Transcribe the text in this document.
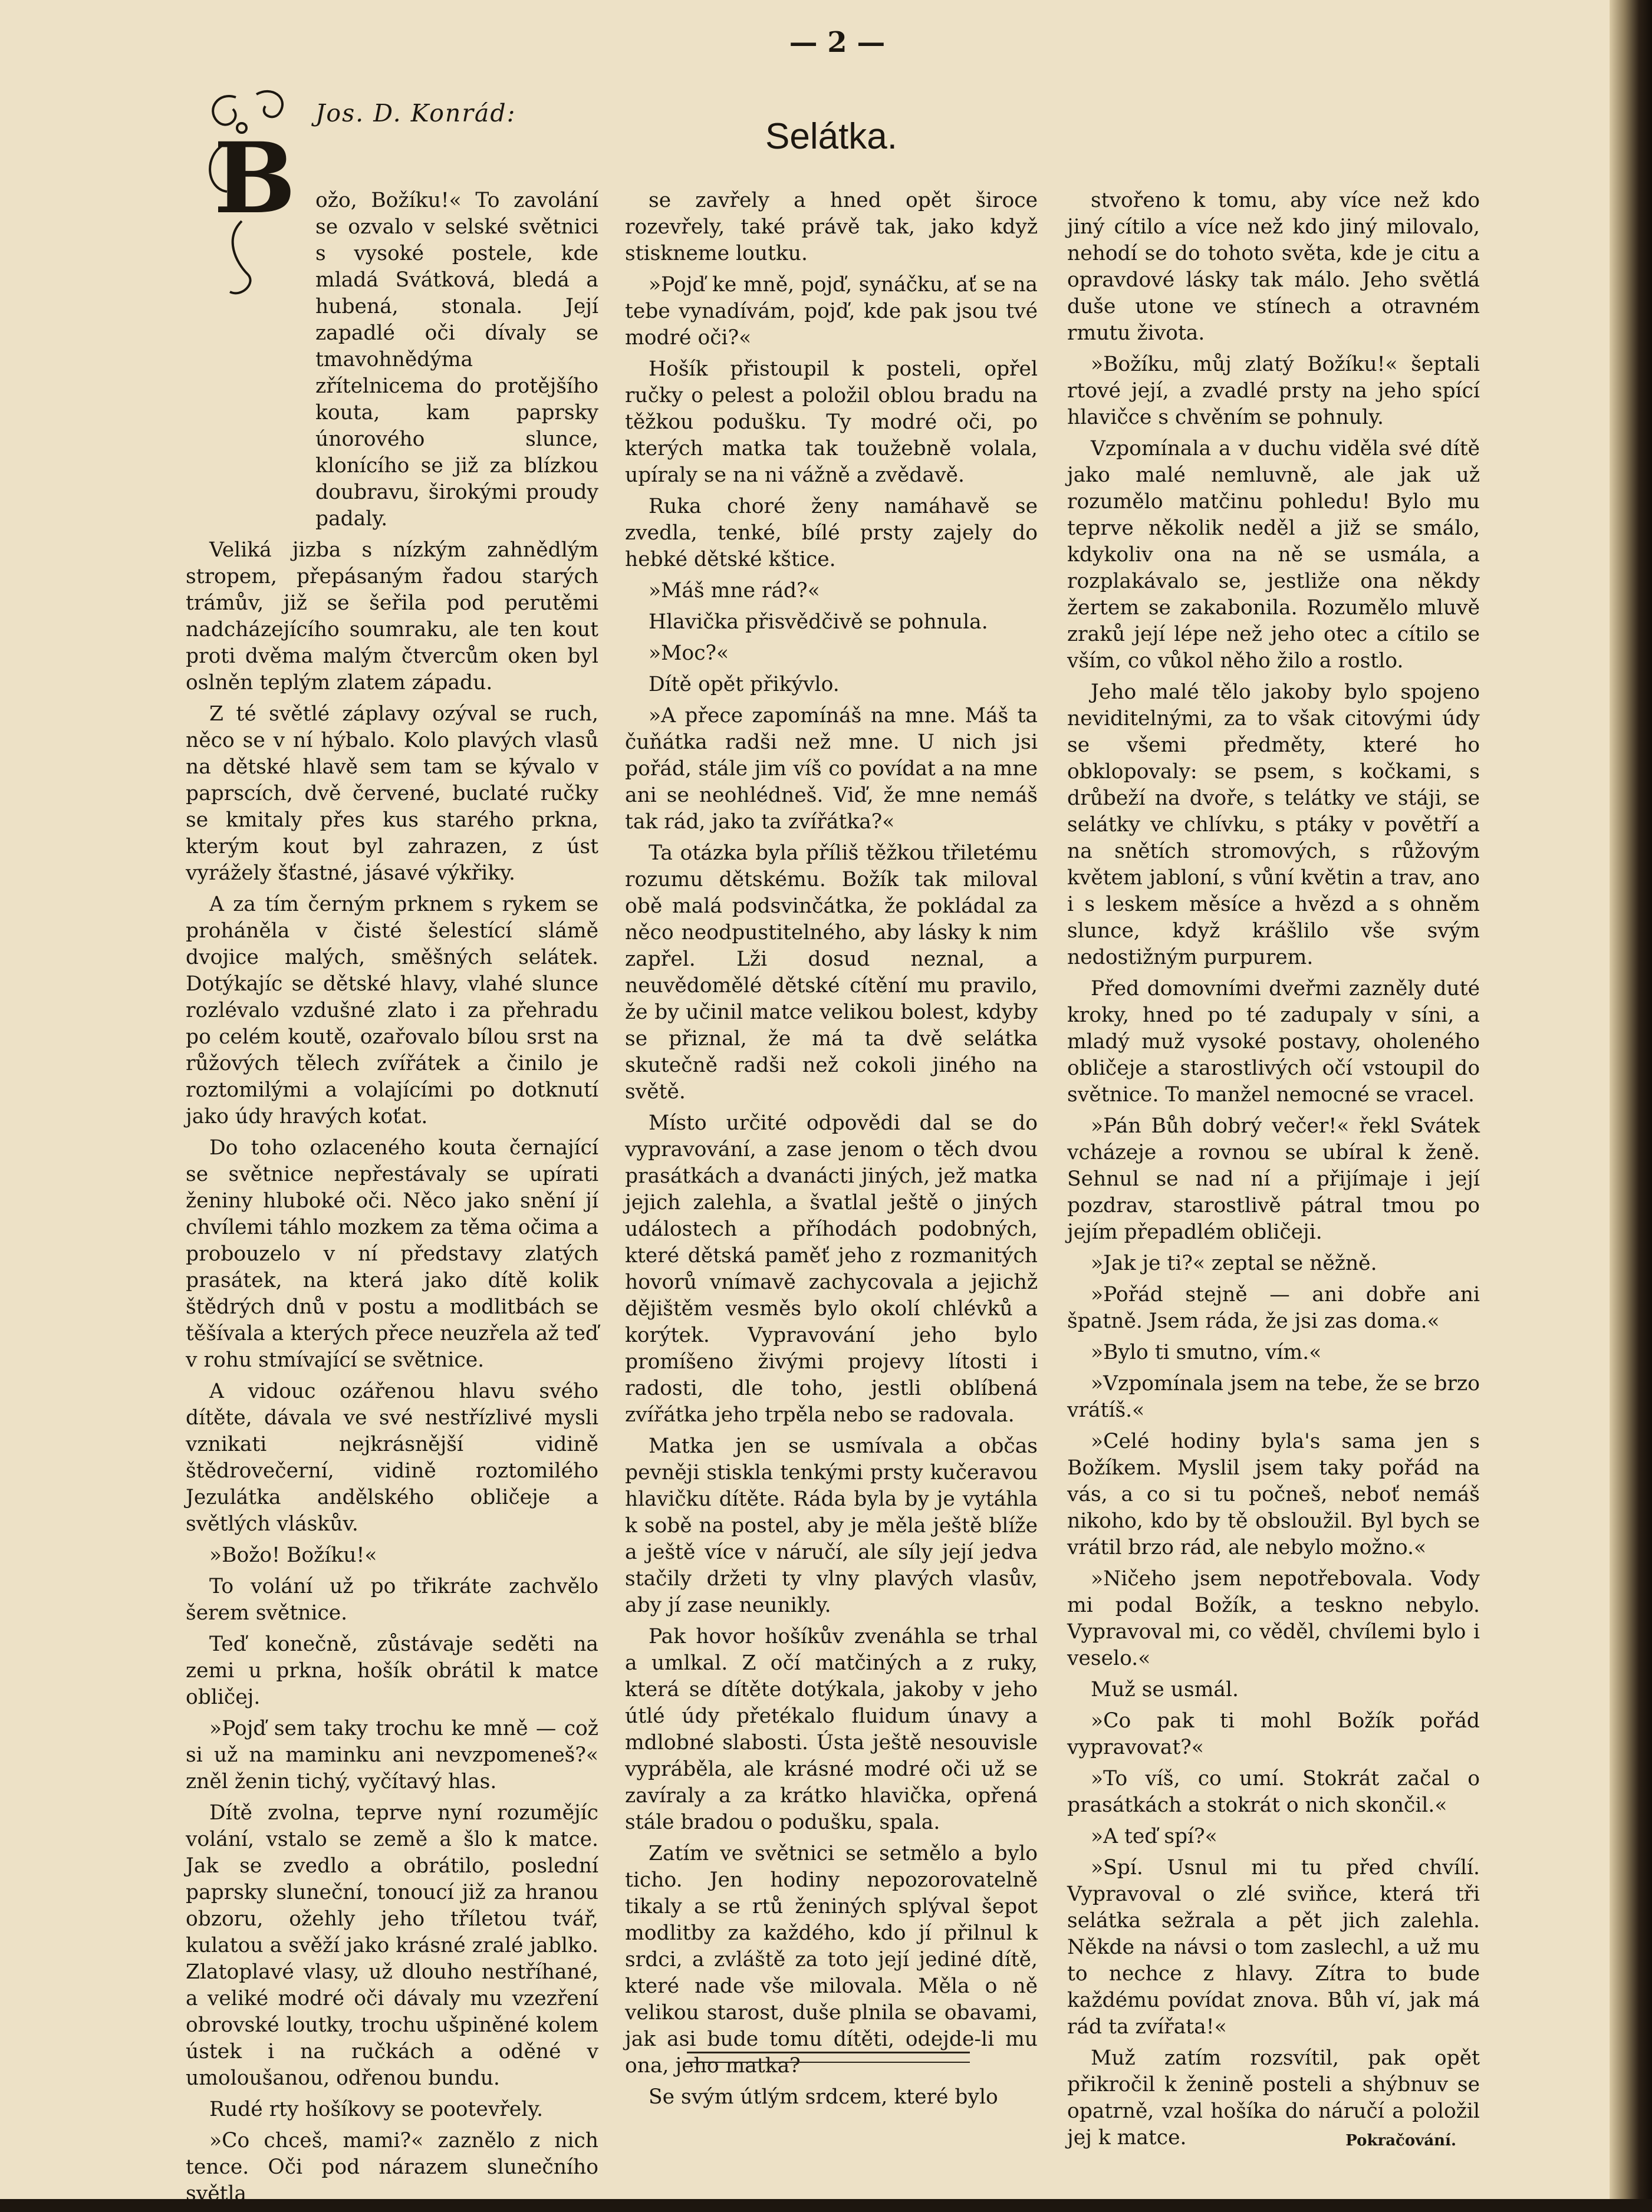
— 2 —
B
Jos. D. Konrád:
Selátka.

ožo, Božíku!« To zavolání se ozvalo v selské světnici s vysoké postele, kde mladá Svátková, bledá a hubená, stonala. Její zapadlé oči dívaly se tmavohnědýma zřítelnicema do protějšího kouta, kam paprsky únorového slunce, klonícího se již za blízkou doubravu, širokými proudy padaly.

Veliká jizba s nízkým zahnědlým stropem, přepásaným řadou starých trámův, již se šeřila pod perutěmi nadcházejícího soumraku, ale ten kout proti dvěma malým čtvercům oken byl oslněn teplým zlatem západu.

Z té světlé záplavy ozýval se ruch, něco se v ní hýbalo. Kolo plavých vlasů na dětské hlavě sem tam se kývalo v paprscích, dvě červené, buclaté ručky se kmitaly přes kus starého prkna, kterým kout byl zahrazen, z úst vyrážely šťastné, jásavé výkřiky.

A za tím černým prknem s rykem se proháněla v čisté šelestící slámě dvojice malých, směšných selátek. Dotýkajíc se dětské hlavy, vlahé slunce rozlévalo vzdušné zlato i za přehradu po celém koutě, ozařovalo bílou srst na růžových tělech zvířátek a činilo je roztomilými a volajícími po dotknutí jako údy hravých koťat.

Do toho ozlaceného kouta černající se světnice nepřestávaly se upírati ženiny hluboké oči. Něco jako snění jí chvílemi táhlo mozkem za těma očima a probouzelo v ní představy zlatých prasátek, na která jako dítě kolik štědrých dnů v postu a modlitbách se těšívala a kterých přece neuzřela až teď v rohu stmívající se světnice.

A vidouc ozářenou hlavu svého dítěte, dávala ve své nestřízlivé mysli vznikati nejkrásnější vidině štědrovečerní, vidině roztomilého Jezulátka andělského obličeje a světlých vláskův.

»Božo! Božíku!«

To volání už po třikráte zachvělo šerem světnice.

Teď konečně, zůstávaje seděti na zemi u prkna, hošík obrátil k matce obličej.

»Pojď sem taky trochu ke mně — což si už na maminku ani nevzpomeneš?« zněl ženin tichý, vyčítavý hlas.

Dítě zvolna, teprve nyní rozumějíc volání, vstalo se země a šlo k matce. Jak se zvedlo a obrátilo, poslední paprsky sluneční, tonoucí již za hranou obzoru, ožehly jeho tříletou tvář, kulatou a svěží jako krásné zralé jablko. Zlatoplavé vlasy, už dlouho nestříhané, a veliké modré oči dávaly mu vzezření obrovské loutky, trochu ušpiněné kolem ústek i na ručkách a oděné v umoloušanou, odřenou bundu.

Rudé rty hošíkovy se pootevřely.

»Co chceš, mami?« zaznělo z nich tence. Oči pod nárazem slunečního světla

se zavřely a hned opět široce rozevřely, také právě tak, jako když stiskneme loutku.

»Pojď ke mně, pojď, synáčku, ať se na tebe vynadívám, pojď, kde pak jsou tvé modré oči?«

Hošík přistoupil k posteli, opřel ručky o pelest a položil oblou bradu na těžkou podušku. Ty modré oči, po kterých matka tak toužebně volala, upíraly se na ni vážně a zvědavě.

Ruka choré ženy namáhavě se zvedla, tenké, bílé prsty zajely do hebké dětské kštice.

»Máš mne rád?«

Hlavička přisvědčivě se pohnula.

»Moc?«

Dítě opět přikývlo.

»A přece zapomínáš na mne. Máš ta čuňátka radši než mne. U nich jsi pořád, stále jim víš co povídat a na mne ani se neohlédneš. Viď, že mne nemáš tak rád, jako ta zvířátka?«

Ta otázka byla příliš těžkou třiletému rozumu dětskému. Božík tak miloval obě malá podsvinčátka, že pokládal za něco neodpustitelného, aby lásky k nim zapřel. Lži dosud neznal, a neuvědomělé dětské cítění mu pravilo, že by učinil matce velikou bolest, kdyby se přiznal, že má ta dvě selátka skutečně radši než cokoli jiného na světě.

Místo určité odpovědi dal se do vypravování, a zase jenom o těch dvou prasátkách a dvanácti jiných, jež matka jejich zalehla, a švatlal ještě o jiných událostech a příhodách podobných, které dětská paměť jeho z rozmanitých hovorů vnímavě zachycovala a jejichž dějištěm vesměs bylo okolí chlévků a korýtek. Vypravování jeho bylo promíšeno živými projevy lítosti i radosti, dle toho, jestli oblíbená zvířátka jeho trpěla nebo se radovala.

Matka jen se usmívala a občas pevněji stiskla tenkými prsty kučeravou hlavičku dítěte. Ráda byla by je vytáhla k sobě na postel, aby je měla ještě blíže a ještě více v náručí, ale síly její jedva stačily držeti ty vlny plavých vlasův, aby jí zase neunikly.

Pak hovor hošíkův zvenáhla se trhal a umlkal. Z očí matčiných a z ruky, která se dítěte dotýkala, jakoby v jeho útlé údy přetékalo fluidum únavy a mdlobné slabosti. Ústa ještě nesouvisle vypráběla, ale krásné modré oči už se zavíraly a za krátko hlavička, opřená stále bradou o podušku, spala.

Zatím ve světnici se setmělo a bylo ticho. Jen hodiny nepozorovatelně tikaly a se rtů ženiných splýval šepot modlitby za každého, kdo jí přilnul k srdci, a zvláště za toto její jediné dítě, které nade vše milovala. Měla o ně velikou starost, duše plnila se obavami, jak asi bude tomu dítěti, odejde-li mu ona, jeho matka?

Se svým útlým srdcem, které bylo

stvořeno k tomu, aby více než kdo jiný cítilo a více než kdo jiný milovalo, nehodí se do tohoto světa, kde je citu a opravdové lásky tak málo. Jeho světlá duše utone ve stínech a otravném rmutu života.

»Božíku, můj zlatý Božíku!« šeptali rtové její, a zvadlé prsty na jeho spící hlavičce s chvěním se pohnuly.

Vzpomínala a v duchu viděla své dítě jako malé nemluvně, ale jak už rozumělo matčinu pohledu! Bylo mu teprve několik neděl a již se smálo, kdykoliv ona na ně se usmála, a rozplakávalo se, jestliže ona někdy žertem se zakabonila. Rozumělo mluvě zraků její lépe než jeho otec a cítilo se vším, co vůkol něho žilo a rostlo.

Jeho malé tělo jakoby bylo spojeno neviditelnými, za to však citovými údy se všemi předměty, které ho obklopovaly: se psem, s kočkami, s drůbeží na dvoře, s telátky ve stáji, se selátky ve chlívku, s ptáky v povětří a na snětích stromových, s růžovým květem jabloní, s vůní květin a trav, ano i s leskem měsíce a hvězd a s ohněm slunce, když krášlilo vše svým nedostižným purpurem.

Před domovními dveřmi zazněly duté kroky, hned po té zadupaly v síni, a mladý muž vysoké postavy, oholeného obličeje a starostlivých očí vstoupil do světnice. To manžel nemocné se vracel.

»Pán Bůh dobrý večer!« řekl Svátek vcházeje a rovnou se ubíral k ženě. Sehnul se nad ní a přijímaje i její pozdrav, starostlivě pátral tmou po jejím přepadlém obličeji.

»Jak je ti?« zeptal se něžně.

»Pořád stejně — ani dobře ani špatně. Jsem ráda, že jsi zas doma.«

»Bylo ti smutno, vím.«

»Vzpomínala jsem na tebe, že se brzo vrátíš.«

»Celé hodiny byla's sama jen s Božíkem. Myslil jsem taky pořád na vás, a co si tu počneš, neboť nemáš nikoho, kdo by tě obsloužil. Byl bych se vrátil brzo rád, ale nebylo možno.«

»Ničeho jsem nepotřebovala. Vody mi podal Božík, a teskno nebylo. Vypravoval mi, co věděl, chvílemi bylo i veselo.«

Muž se usmál.

»Co pak ti mohl Božík pořád vypravovat?«

»To víš, co umí. Stokrát začal o prasátkách a stokrát o nich skončil.«

»A teď spí?«

»Spí. Usnul mi tu před chvílí. Vypravoval o zlé sviňce, která tři selátka sežrala a pět jich zalehla. Někde na návsi o tom zaslechl, a už mu to nechce z hlavy. Zítra to bude každému povídat znova. Bůh ví, jak má rád ta zvířata!«

Muž zatím rozsvítil, pak opět přikročil k ženině posteli a shýbnuv se opatrně, vzal hošíka do náručí a položil jej k matce.	Pokračování.
